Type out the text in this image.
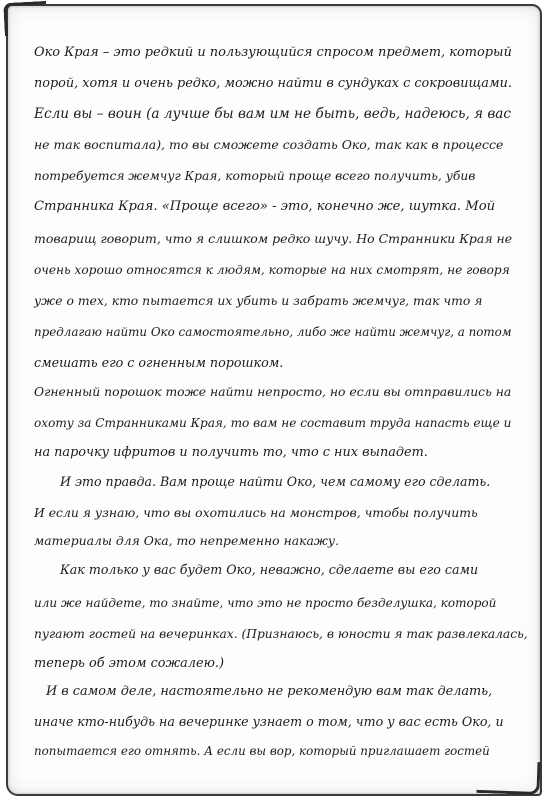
Око Края – это редкий и пользующийся спросом предмет, который
порой, хотя и очень редко, можно найти в сундуках с сокровищами.
Если вы – воин (а лучше бы вам им не быть, ведь, надеюсь, я вас
не так воспитала), то вы сможете создать Око, так как в процессе
потребуется жемчуг Края, который проще всего получить, убив
Странника Края. «Проще всего» - это, конечно же, шутка. Мой
товарищ говорит, что я слишком редко шучу. Но Странники Края не
очень хорошо относятся к людям, которые на них смотрят, не говоря
уже о тех, кто пытается их убить и забрать жемчуг, так что я
предлагаю найти Око самостоятельно, либо же найти жемчуг, а потом
смешать его с огненным порошком.
Огненный порошок тоже найти непросто, но если вы отправились на
охоту за Странниками Края, то вам не составит труда напасть еще и
на парочку ифритов и получить то, что с них выпадет.
И это правда. Вам проще найти Око, чем самому его сделать.
И если я узнаю, что вы охотились на монстров, чтобы получить
материалы для Ока, то непременно накажу.
Как только у вас будет Око, неважно, сделаете вы его сами
или же найдете, то знайте, что это не просто безделушка, которой
пугают гостей на вечеринках. (Признаюсь, в юности я так развлекалась,
теперь об этом сожалею.)
И в самом деле, настоятельно не рекомендую вам так делать,
иначе кто-нибудь на вечеринке узнает о том, что у вас есть Око, и
попытается его отнять. А если вы вор, который приглашает гостей
